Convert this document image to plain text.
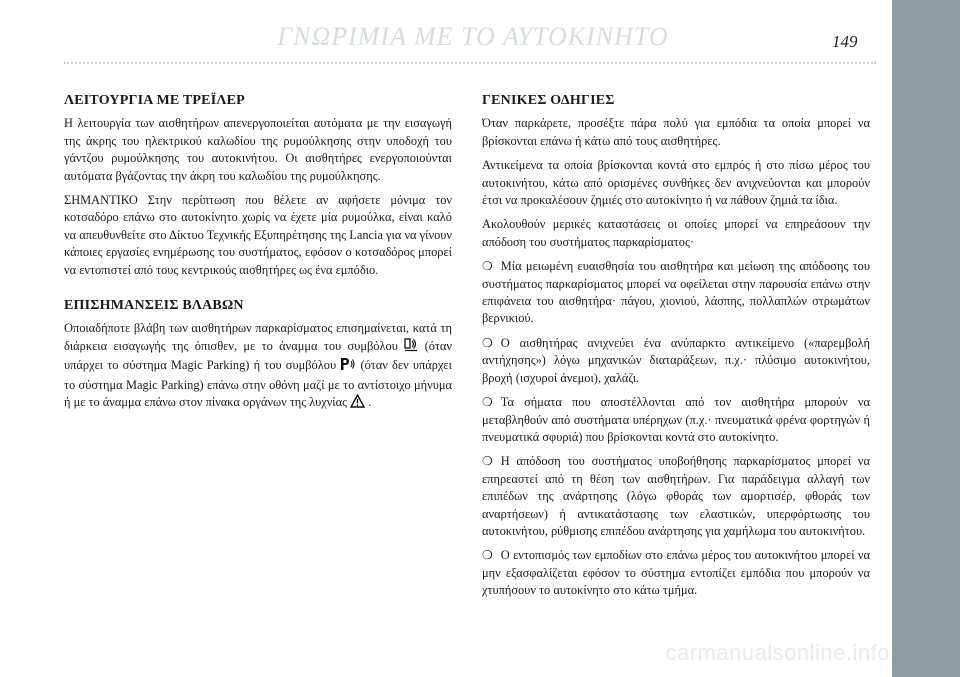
ΓΝΩΡΙΜΙΑ ΜΕ ΤΟ ΑΥΤΟΚΙΝΗΤΟ	149
ΛΕΙΤΟΥΡΓΙΑ ΜΕ ΤΡΕΪΛΕΡ

Η λειτουργία των αισθητήρων απενεργοποιείται αυτόματα με την εισαγωγή της άκρης του ηλεκτρικού καλωδίου της ρυμούλκησης στην υποδοχή του γάντζου ρυμούλκησης του αυτοκινήτου. Οι αισθητήρες ενεργοποιούνται αυτόματα βγάζοντας την άκρη του καλωδίου της ρυμούλκησης.

ΣΗΜΑΝΤΙΚΟ Στην περίπτωση που θέλετε αν αφήσετε μόνιμα τον κοτσαδόρο επάνω στο αυτοκίνητο χωρίς να έχετε μία ρυμούλκα, είναι καλό να απευθυνθείτε στο Δίκτυο Τεχνικής Εξυπηρέτησης της Lancia για να γίνουν κάποιες εργασίες ενημέρωσης του συστήματος, εφόσον ο κοτσαδόρος μπορεί να εντοπιστεί από τους κεντρικούς αισθητήρες ως ένα εμπόδιο.

ΕΠΙΣΗΜΑΝΣΕΙΣ ΒΛΑΒΩΝ

Οποιαδήποτε βλάβη των αισθητήρων παρκαρίσματος επισημαίνεται, κατά τη διάρκεια εισαγωγής της όπισθεν, με το άναμμα του συμβόλου (όταν υπάρχει το σύστημα Magic Parking) ή του συμβόλου (όταν δεν υπάρχει το σύστημα Magic Parking) επάνω στην οθόνη μαζί με το αντίστοιχο μήνυμα ή με το άναμμα επάνω στον πίνακα οργάνων της λυχνίας .

ΓΕΝΙΚΕΣ ΟΔΗΓΙΕΣ

Όταν παρκάρετε, προσέξτε πάρα πολύ για εμπόδια τα οποία μπορεί να βρίσκονται επάνω ή κάτω από τους αισθητήρες.

Αντικείμενα τα οποία βρίσκονται κοντά στο εμπρός ή στο πίσω μέρος του αυτοκινήτου, κάτω από ορισμένες συνθήκες δεν ανιχνεύονται και μπορούν έτσι να προκαλέσουν ζημιές στο αυτοκίνητο ή να πάθουν ζημιά τα ίδια.

Ακολουθούν μερικές καταστάσεις οι οποίες μπορεί να επηρεάσουν την απόδοση του συστήματος παρκαρίσματος·

❍ Μία μειωμένη ευαισθησία του αισθητήρα και μείωση της απόδοσης του συστήματος παρκαρίσματος μπορεί να οφείλεται στην παρουσία επάνω στην επιφάνεια του αισθητήρα· πάγου, χιονιού, λάσπης, πολλαπλών στρωμάτων βερνικιού.

❍ Ο αισθητήρας ανιχνεύει ένα ανύπαρκτο αντικείμενο («παρεμβολή αντήχησης») λόγω μηχανικών διαταράξεων, π.χ.· πλύσιμο αυτοκινήτου, βροχή (ισχυροί άνεμοι), χαλάζι.

❍ Τα σήματα που αποστέλλονται από τον αισθητήρα μπορούν να μεταβληθούν από συστήματα υπέρηχων (π.χ.· πνευματικά φρένα φορτηγών ή πνευματικά σφυριά) που βρίσκονται κοντά στο αυτοκίνητο.

❍ Η απόδοση του συστήματος υποβοήθησης παρκαρίσματος μπορεί να επηρεαστεί από τη θέση των αισθητήρων. Για παράδειγμα αλλαγή των επιπέδων της ανάρτησης (λόγω φθοράς των αμορτισέρ, φθοράς των αναρτήσεων) ή αντικατάστασης των ελαστικών, υπερφόρτωσης του αυτοκινήτου, ρύθμισης επιπέδου ανάρτησης για χαμήλωμα του αυτοκινήτου.

❍ Ο εντοπισμός των εμποδίων στο επάνω μέρος του αυτοκινήτου μπορεί να μην εξασφαλίζεται εφόσον το σύστημα εντοπίζει εμπόδια που μπορούν να χτυπήσουν το αυτοκίνητο στο κάτω τμήμα.

carmanualsonline.info
